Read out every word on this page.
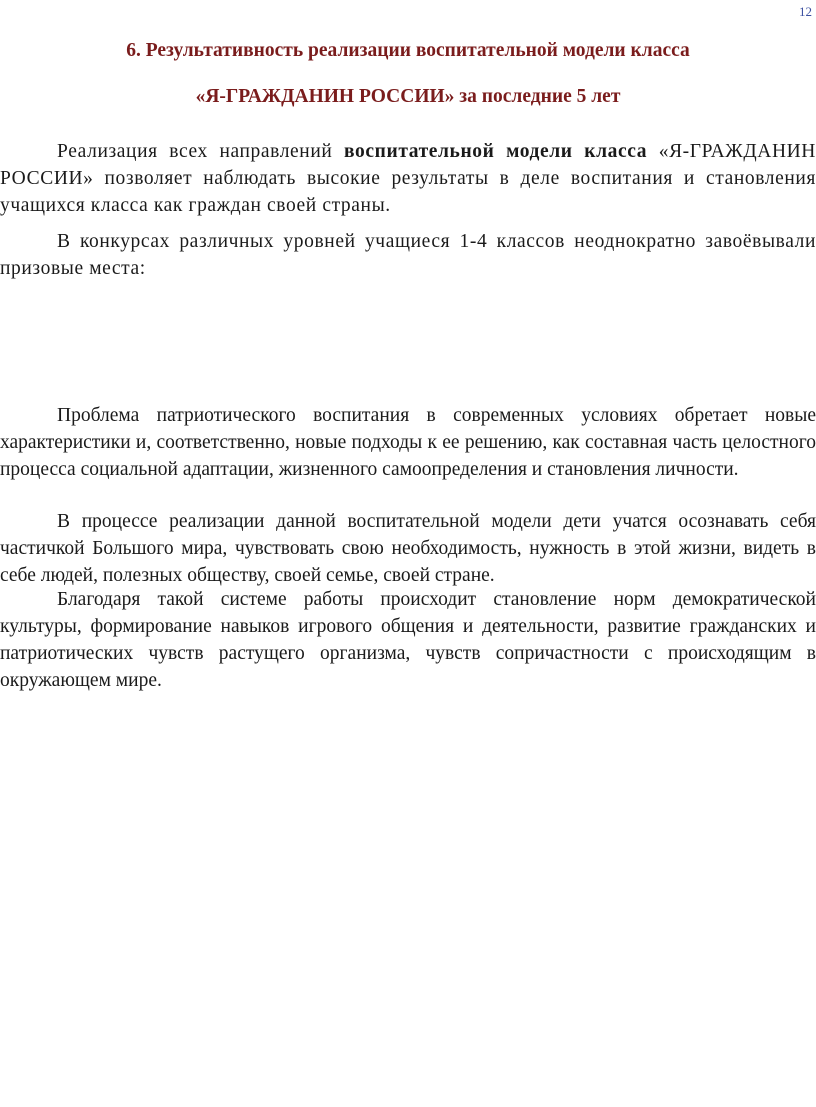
12
6. Результативность реализации воспитательной модели класса
«Я-ГРАЖДАНИН РОССИИ» за последние 5 лет

Реализация всех направлений воспитательной модели класса «Я-ГРАЖДАНИН РОССИИ» позволяет наблюдать высокие результаты в деле воспитания и становления учащихся класса как граждан своей страны.

В конкурсах различных уровней учащиеся 1-4 классов неоднократно завоёвывали призовые места:

Проблема патриотического воспитания в современных условиях обретает новые характеристики и, соответственно, новые подходы к ее решению, как составная часть целостного процесса социальной адаптации, жизненного самоопределения и становления личности.

В процессе реализации данной воспитательной модели дети учатся осознавать себя частичкой Большого мира, чувствовать свою необходимость, нужность в этой жизни, видеть в себе людей, полезных обществу, своей семье, своей стране.

Благодаря такой системе работы происходит становление норм демократической культуры, формирование навыков игрового общения и деятельности, развитие гражданских и патриотических чувств растущего организма, чувств сопричастности с происходящим в окружающем мире.
